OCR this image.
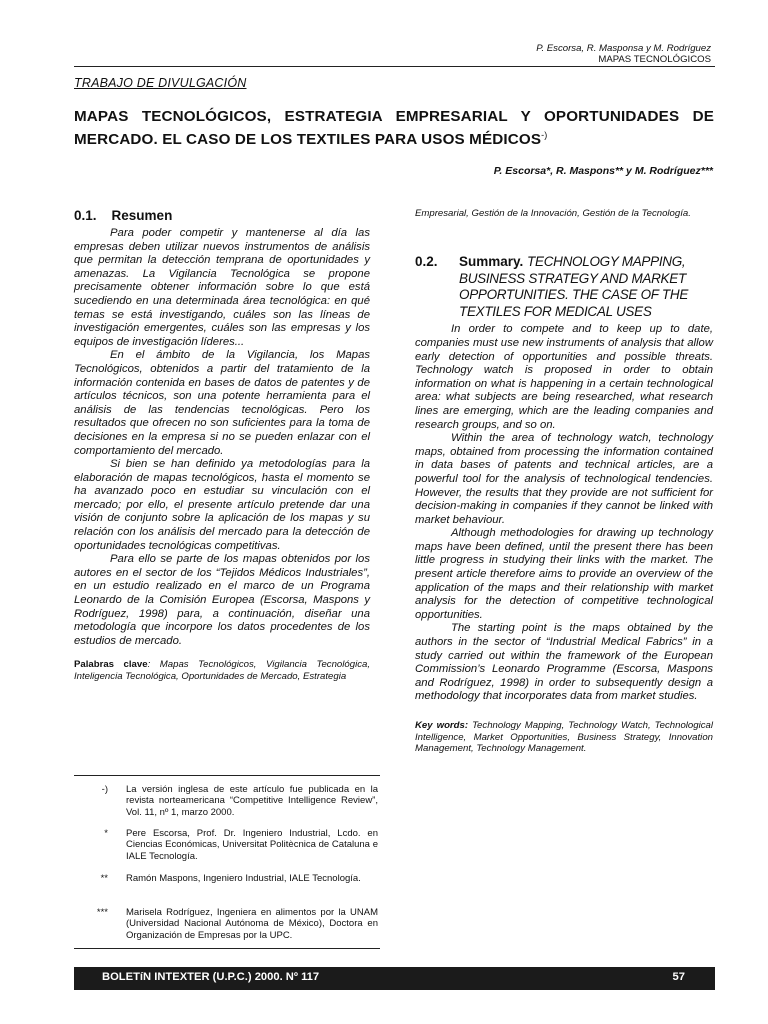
P. Escorsa, R. Masponsa y M. Rodríguez
MAPAS TECNOLÓGICOS
TRABAJO DE DIVULGACIÓN
MAPAS TECNOLÓGICOS, ESTRATEGIA EMPRESARIAL Y OPORTUNIDADES DE MERCADO. EL CASO DE LOS TEXTILES PARA USOS MÉDICOS-)
P. Escorsa*, R. Maspons** y M. Rodríguez***
0.1. Resumen

Para poder competir y mantenerse al día las empresas deben utilizar nuevos instrumentos de análisis que permitan la detección temprana de oportunidades y amenazas. La Vigilancia Tecnológica se propone precisamente obtener información sobre lo que está sucediendo en una determinada área tecnológica: en qué temas se está investigando, cuáles son las líneas de investigación emergentes, cuáles son las empresas y los equipos de investigación líderes...

En el ámbito de la Vigilancia, los Mapas Tecnológicos, obtenidos a partir del tratamiento de la información contenida en bases de datos de patentes y de artículos técnicos, son una potente herramienta para el análisis de las tendencias tecnológicas. Pero los resultados que ofrecen no son suficientes para la toma de decisiones en la empresa si no se pueden enlazar con el comportamiento del mercado.

Si bien se han definido ya metodologías para la elaboración de mapas tecnológicos, hasta el momento se ha avanzado poco en estudiar su vinculación con el mercado; por ello, el presente artículo pretende dar una visión de conjunto sobre la aplicación de los mapas y su relación con los análisis del mercado para la detección de oportunidades tecnológicas competitivas.

Para ello se parte de los mapas obtenidos por los autores en el sector de los “Tejidos Médicos Industriales”, en un estudio realizado en el marco de un Programa Leonardo de la Comisión Europea (Escorsa, Maspons y Rodríguez, 1998) para, a continuación, diseñar una metodología que incorpore los datos procedentes de los estudios de mercado.

Palabras clave: Mapas Tecnológicos, Vigilancia Tecnológica, Inteligencia Tecnológica, Oportunidades de Mercado, Estrategia
-) La versión inglesa de este artículo fue publicada en la revista norteamericana “Competitive Intelligence Review”, Vol. 11, nº 1, marzo 2000.
* Pere Escorsa, Prof. Dr. Ingeniero Industrial, Lcdo. en Ciencias Económicas, Universitat Politècnica de Cataluna e IALE Tecnología.
** Ramón Maspons, Ingeniero Industrial, IALE Tecnología.
*** Marisela Rodríguez, Ingeniera en alimentos por la UNAM (Universidad Nacional Autónoma de México), Doctora en Organización de Empresas por la UPC.
Empresarial, Gestión de la Innovación, Gestión de la Tecnología.
0.2. Summary. TECHNOLOGY MAPPING, BUSINESS STRATEGY AND MARKET OPPORTUNITIES. THE CASE OF THE TEXTILES FOR MEDICAL USES

In order to compete and to keep up to date, companies must use new instruments of analysis that allow early detection of opportunities and possible threats. Technology watch is proposed in order to obtain information on what is happening in a certain technological area: what subjects are being researched, what research lines are emerging, which are the leading companies and research groups, and so on.

Within the area of technology watch, technology maps, obtained from processing the information contained in data bases of patents and technical articles, are a powerful tool for the analysis of technological tendencies. However, the results that they provide are not sufficient for decision-making in companies if they cannot be linked with market behaviour.

Although methodologies for drawing up technology maps have been defined, until the present there has been little progress in studying their links with the market. The present article therefore aims to provide an overview of the application of the maps and their relationship with market analysis for the detection of competitive technological opportunities.

The starting point is the maps obtained by the authors in the sector of “Industrial Medical Fabrics” in a study carried out within the framework of the European Commission’s Leonardo Programme (Escorsa, Maspons and Rodríguez, 1998) in order to subsequently design a methodology that incorporates data from market studies.

Key words: Technology Mapping, Technology Watch, Technological Intelligence, Market Opportunities, Business Strategy, Innovation Management, Technology Management.
BOLETíN INTEXTER (U.P.C.) 2000. Nº 117	57
